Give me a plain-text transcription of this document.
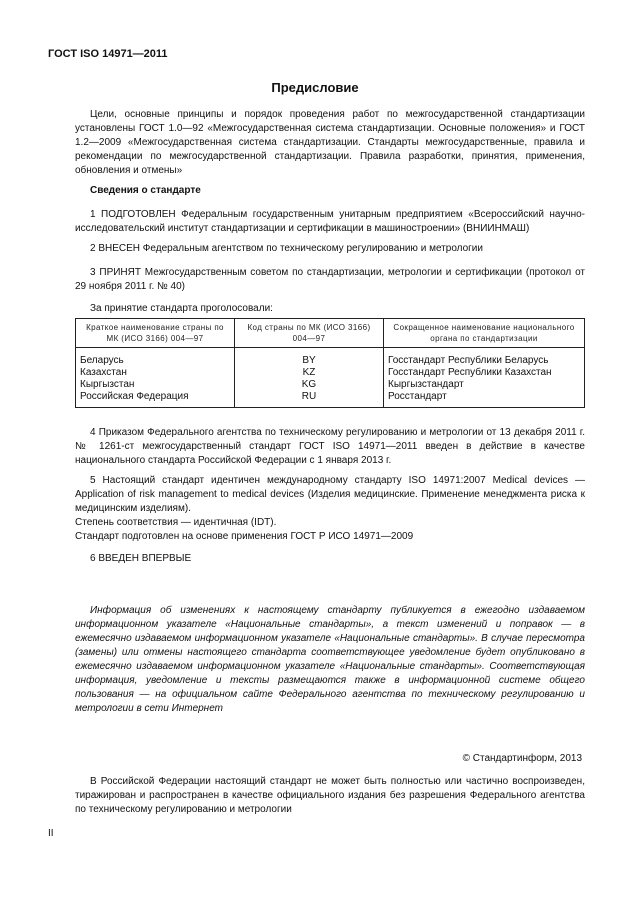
ГОСТ ISO 14971—2011
Предисловие

Цели, основные принципы и порядок проведения работ по межгосударственной стандартизации установлены ГОСТ 1.0—92 «Межгосударственная система стандартизации. Основные положения» и ГОСТ 1.2—2009 «Межгосударственная система стандартизации. Стандарты межгосударственные, правила и рекомендации по межгосударственной стандартизации. Правила разработки, принятия, применения, обновления и отмены»

Сведения о стандарте

1 ПОДГОТОВЛЕН Федеральным государственным унитарным предприятием «Всероссийский научно-исследовательский институт стандартизации и сертификации в машиностроении» (ВНИИНМАШ)

2 ВНЕСЕН Федеральным агентством по техническому регулированию и метрологии

3 ПРИНЯТ Межгосударственным советом по стандартизации, метрологии и сертификации (протокол от 29 ноября 2011 г. № 40)

За принятие стандарта проголосовали:

Краткое наименование страны по МК (ИСО 3166) 004—97	Код страны по МК (ИСО 3166) 004—97	Сокращенное наименование национального органа по стандартизации
Беларусь	BY	Госстандарт Республики Беларусь
Казахстан	KZ	Госстандарт Республики Казахстан
Кыргызстан	KG	Кыргызстандарт
Российская Федерация	RU	Росстандарт

4 Приказом Федерального агентства по техническому регулированию и метрологии от 13 декабря 2011 г. № 1261-ст межгосударственный стандарт ГОСТ ISO 14971—2011 введен в действие в качестве национального стандарта Российской Федерации с 1 января 2013 г.

5 Настоящий стандарт идентичен международному стандарту ISO 14971:2007 Medical devices — Application of risk management to medical devices (Изделия медицинские. Применение менеджмента риска к медицинским изделиям).

Степень соответствия — идентичная (IDT).

Стандарт подготовлен на основе применения ГОСТ Р ИСО 14971—2009

6 ВВЕДЕН ВПЕРВЫЕ

Информация об изменениях к настоящему стандарту публикуется в ежегодно издаваемом информационном указателе «Национальные стандарты», а текст изменений и поправок — в ежемесячно издаваемом информационном указателе «Национальные стандарты». В случае пересмотра (замены) или отмены настоящего стандарта соответствующее уведомление будет опубликовано в ежемесячно издаваемом информационном указателе «Национальные стандарты». Соответствующая информация, уведомление и тексты размещаются также в информационной системе общего пользования — на официальном сайте Федерального агентства по техническому регулированию и метрологии в сети Интернет

© Стандартинформ, 2013

В Российской Федерации настоящий стандарт не может быть полностью или частично воспроизведен, тиражирован и распространен в качестве официального издания без разрешения Федерального агентства по техническому регулированию и метрологии

II
